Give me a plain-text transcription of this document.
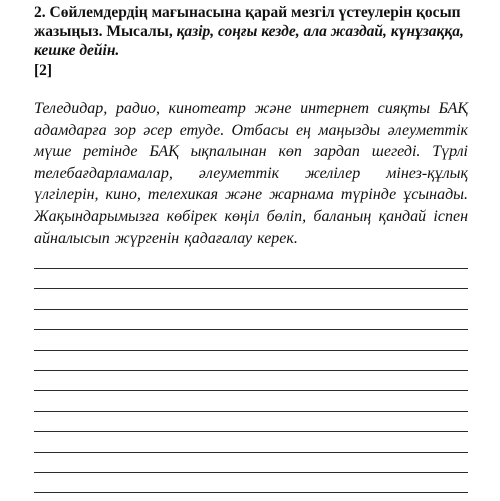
2. Сөйлемдердің мағынасына қарай мезгіл үстеулерін қосып жазыңыз. Мысалы, қазір, соңғы кезде, ала жаздай, күнұзаққа, кешке дейін.
[2]
Теледидар, радио, кинотеатр және интернет сияқты БАҚ адамдарға зор әсер етуде. Отбасы ең маңызды әлеуметтік мүше ретінде БАҚ ықпалынан көп зардап шегеді. Түрлі телебағдарламалар, әлеуметтік желілер мінез-құлық үлгілерін, кино, телехикая және жарнама түрінде ұсынады. Жақындарымызға көбірек көңіл бөліп, баланың қандай іспен айналысып жүргенін қадағалау керек.
